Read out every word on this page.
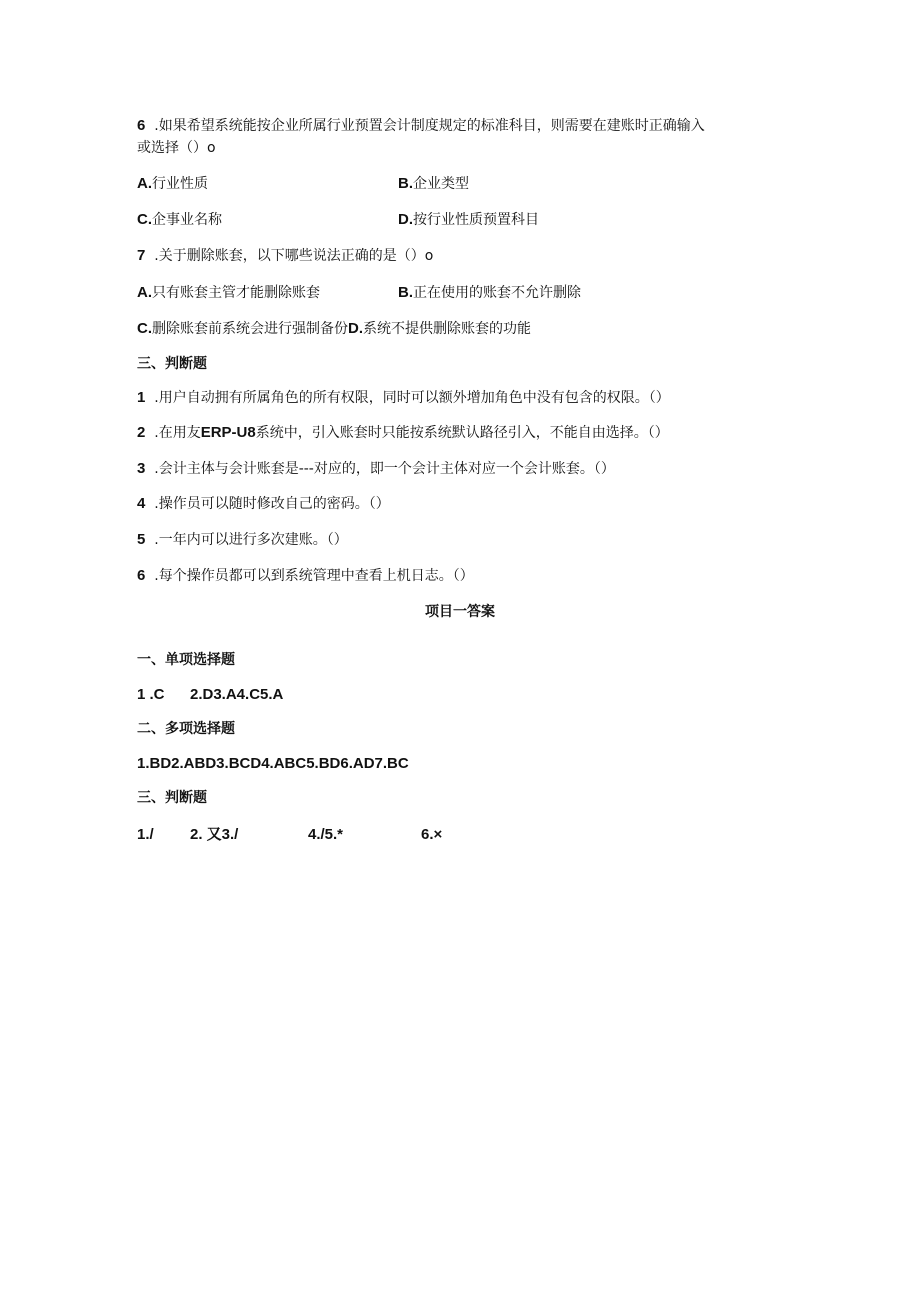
6 .如果希望系统能按企业所属行业预置会计制度规定的标准科目，则需要在建账时正确输入
或选择（）o
A.行业性质	B.企业类型
C.企事业名称	D.按行业性质预置科目
7 .关于删除账套，以下哪些说法正确的是（）o
A.只有账套主管才能删除账套	B.正在使用的账套不允许删除
C.删除账套前系统会进行强制备份D.系统不提供删除账套的功能
三、判断题
1 .用户自动拥有所属角色的所有权限，同时可以额外增加角色中没有包含的权限。（）
2 .在用友ERP-U8系统中，引入账套时只能按系统默认路径引入，不能自由选择。（）
3 .会计主体与会计账套是---对应的，即一个会计主体对应一个会计账套。（）
4 .操作员可以随时修改自己的密码。（）
5 .一年内可以进行多次建账。（）
6 .每个操作员都可以到系统管理中查看上机日志。（）
项目一答案
一、单项选择题
1 .C 2.D3.A4.C5.A
二、多项选择题
1.BD2.ABD3.BCD4.ABC5.BD6.AD7.BC
三、判断题
1./ 2. 又3./	4./5.*	6.×
